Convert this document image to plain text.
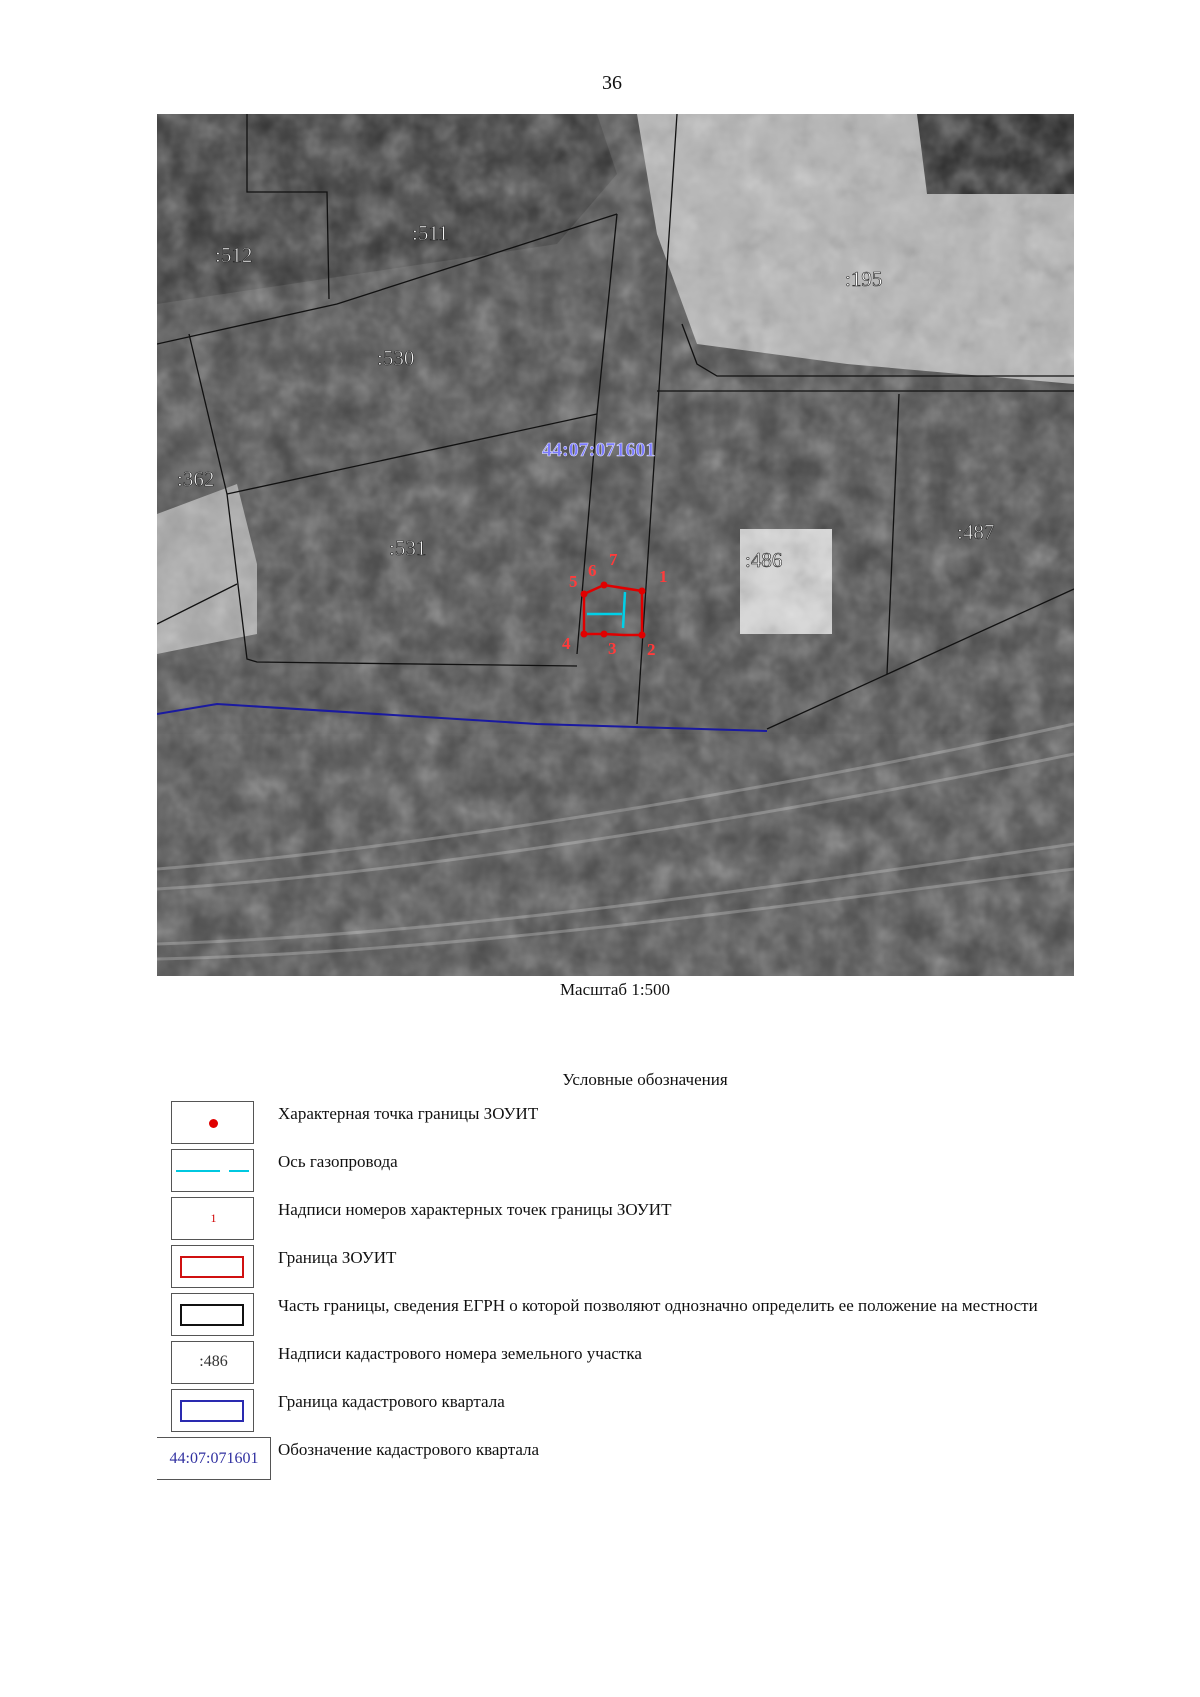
36
1
2
3
4
5
6
7
:512
:511
:195
:530
:362
:531	:486
:487
44:07:071601
Масштаб 1:500
Условные обозначения
Характерная точка границы ЗОУИТ
Ось газопровода
1	Надписи номеров характерных точек границы ЗОУИТ
Граница ЗОУИТ
Часть границы, сведения ЕГРН о которой позволяют однозначно определить ее положение на местности
:486	Надписи кадастрового номера земельного участка
Граница кадастрового квартала
44:07:071601	Обозначение кадастрового квартала
